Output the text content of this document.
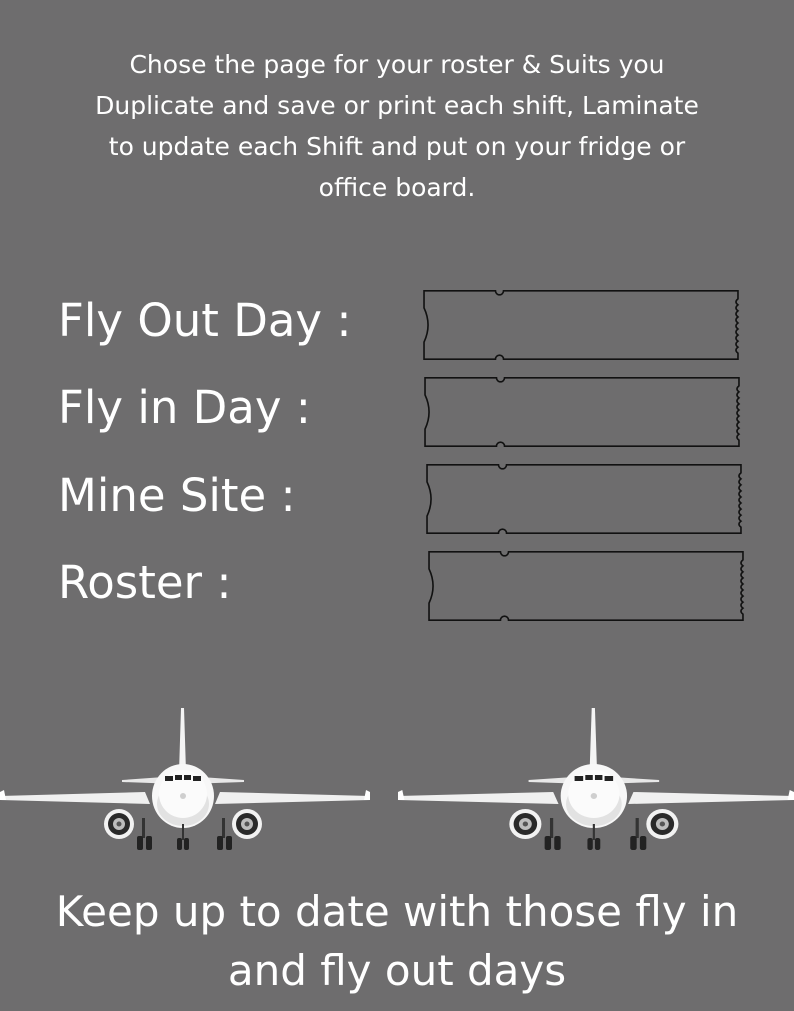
Chose the page for your roster & Suits you
Duplicate and save or print each shift, Laminate
to update each Shift and put on your fridge or
office board.

Fly Out Day :
Fly in Day :
Mine Site :
Roster :

Keep up to date with those fly in
and fly out days
